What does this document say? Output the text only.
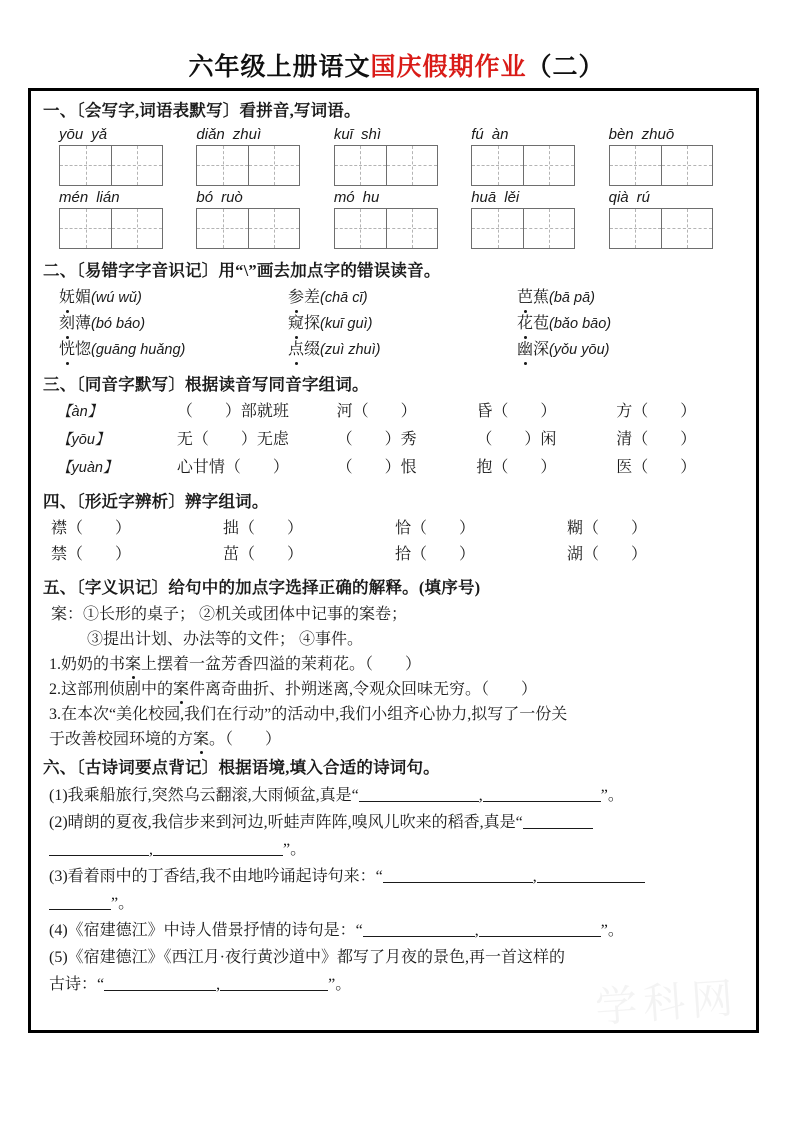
六年级上册语文国庆假期作业（二）
一、〔会写字,词语表默写〕看拼音,写词语。
yōu yǎ	diǎn zhuì	kuī shì	fú àn	bèn zhuō
mén lián	bó ruò	mó hu	huā lěi	qià rú
二、〔易错字字音识记〕用“\”画去加点字的错误读音。
妩媚(wú wǔ)	参差(chā cī)	芭蕉(bā pā)
刻薄(bó báo)	窥探(kuī guì)	花苞(bǎo bāo)
恍惚(guāng huǎng)	点缀(zuì zhuì)	幽深(yǒu yōu)
三、〔同音字默写〕根据读音写同音字组词。
【àn】	（　　）部就班	河（　　）	昏（　　）	方（　　）
【yōu】	无（　　）无虑	（　　）秀	（　　）闲	清（　　）
【yuàn】	心甘情（　　）	（　　）恨	抱（　　）	医（　　）
四、〔形近字辨析〕辨字组词。
襟（　　）	拙（　　）	恰（　　）	糊（　　）
禁（　　）	茁（　　）	拾（　　）	湖（　　）
五、〔字义识记〕给句中的加点字选择正确的解释。(填序号)
案：①长形的桌子； ②机关或团体中记事的案卷；
③提出计划、办法等的文件； ④事件。
1.奶奶的书案上摆着一盆芳香四溢的茉莉花。（　　）
2.这部刑侦剧中的案件离奇曲折、扑朔迷离,令观众回味无穷。（　　）
3.在本次“美化校园,我们在行动”的活动中,我们小组齐心协力,拟写了一份关
于改善校园环境的方案。（　　）
六、〔古诗词要点背记〕根据语境,填入合适的诗词句。
(1)我乘船旅行,突然乌云翻滚,大雨倾盆,真是“	,	”。
(2)晴朗的夏夜,我信步来到河边,听蛙声阵阵,嗅风儿吹来的稻香,真是“
,	”。
(3)看着雨中的丁香结,我不由地吟诵起诗句来：“	,
”。
(4)《宿建德江》中诗人借景抒情的诗句是：“	,	”。
(5)《宿建德江》《西江月·夜行黄沙道中》都写了月夜的景色,再一首这样的
古诗：“	,	”。	学科网
